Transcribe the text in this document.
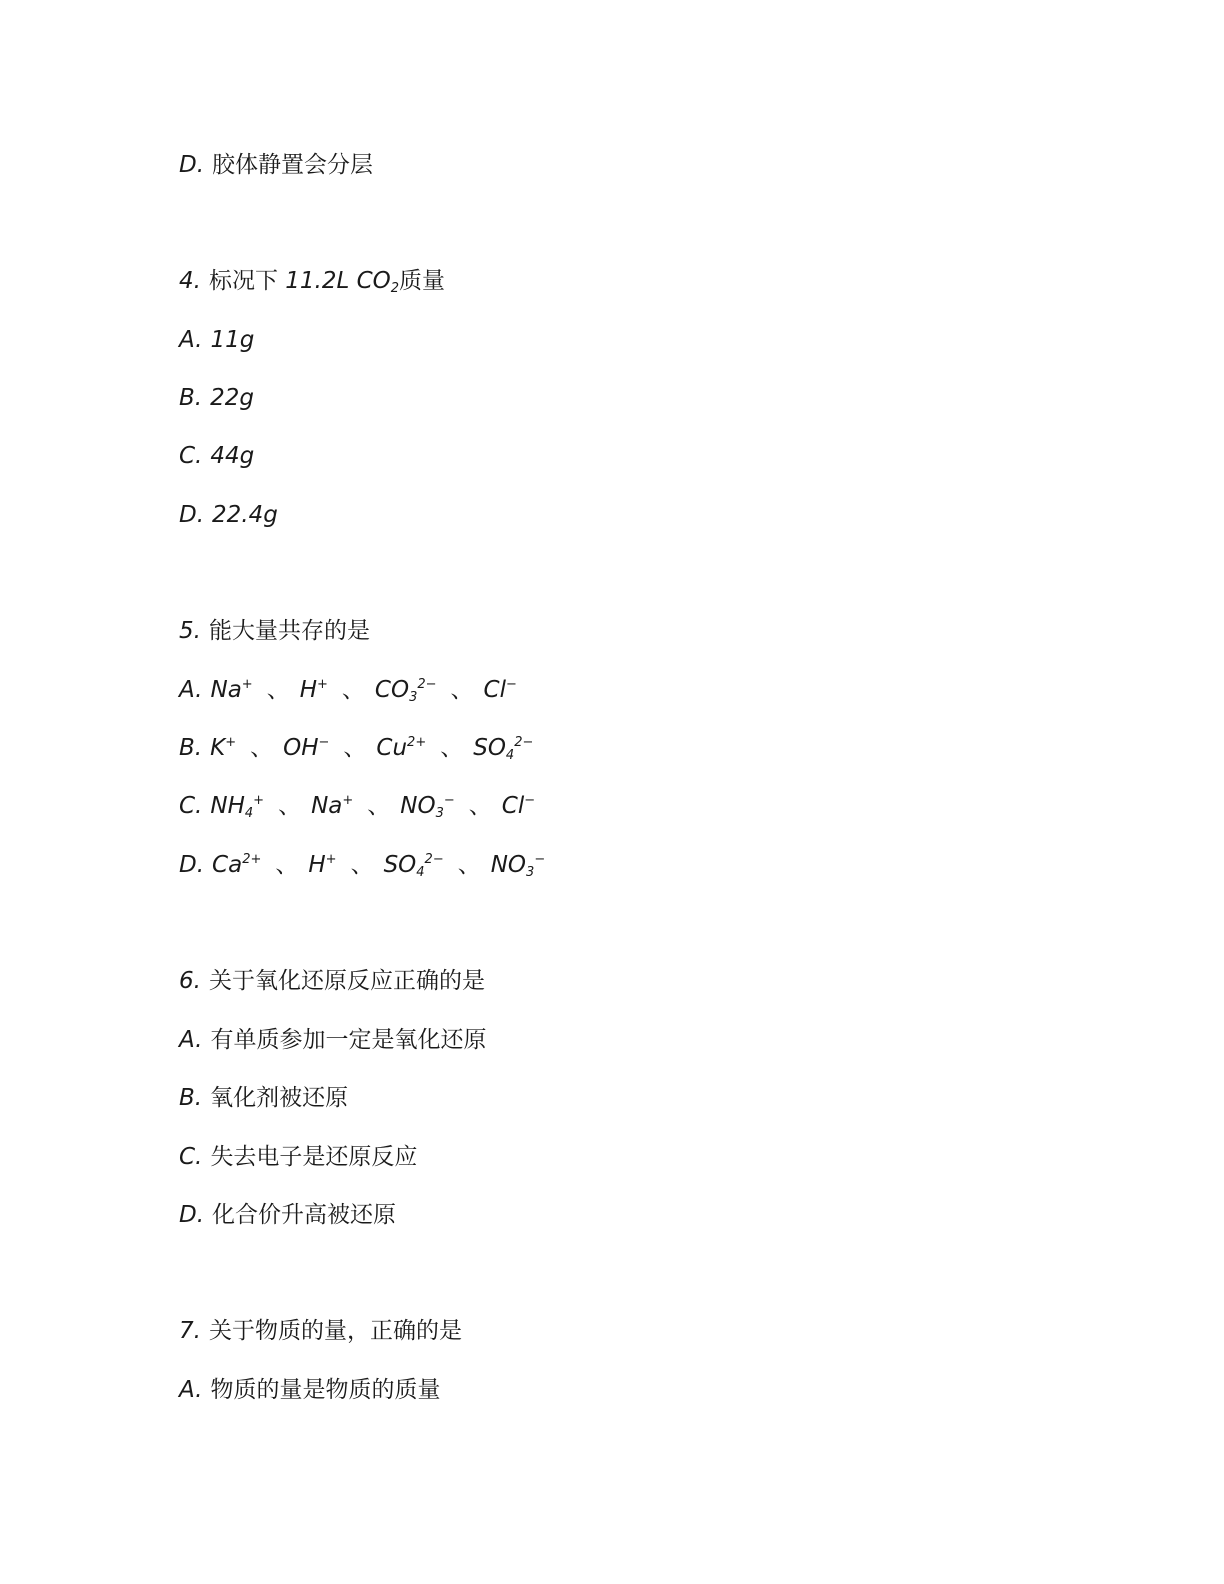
D. 胶体静置会分层
4. 标况下 11.2L $CO_2$质量
A. 11g
B. 22g
C. 44g
D. 22.4g
5. 能大量共存的是
A. Na+ 、 H+ 、 $CO_3^{2-}$ 、 Cl−
B. K+ 、 OH− 、 $Cu^{2+}$ 、 $SO_4^{2-}$
C. $NH_4^+$ 、 Na+ 、 $NO_3^-$ 、 Cl−
D. $Ca^{2+}$ 、 H+ 、 $SO_4^{2-}$ 、 $NO_3^-$
6. 关于氧化还原反应正确的是
A. 有单质参加一定是氧化还原
B. 氧化剂被还原
C. 失去电子是还原反应
D. 化合价升高被还原
7. 关于物质的量，正确的是
A. 物质的量是物质的质量
